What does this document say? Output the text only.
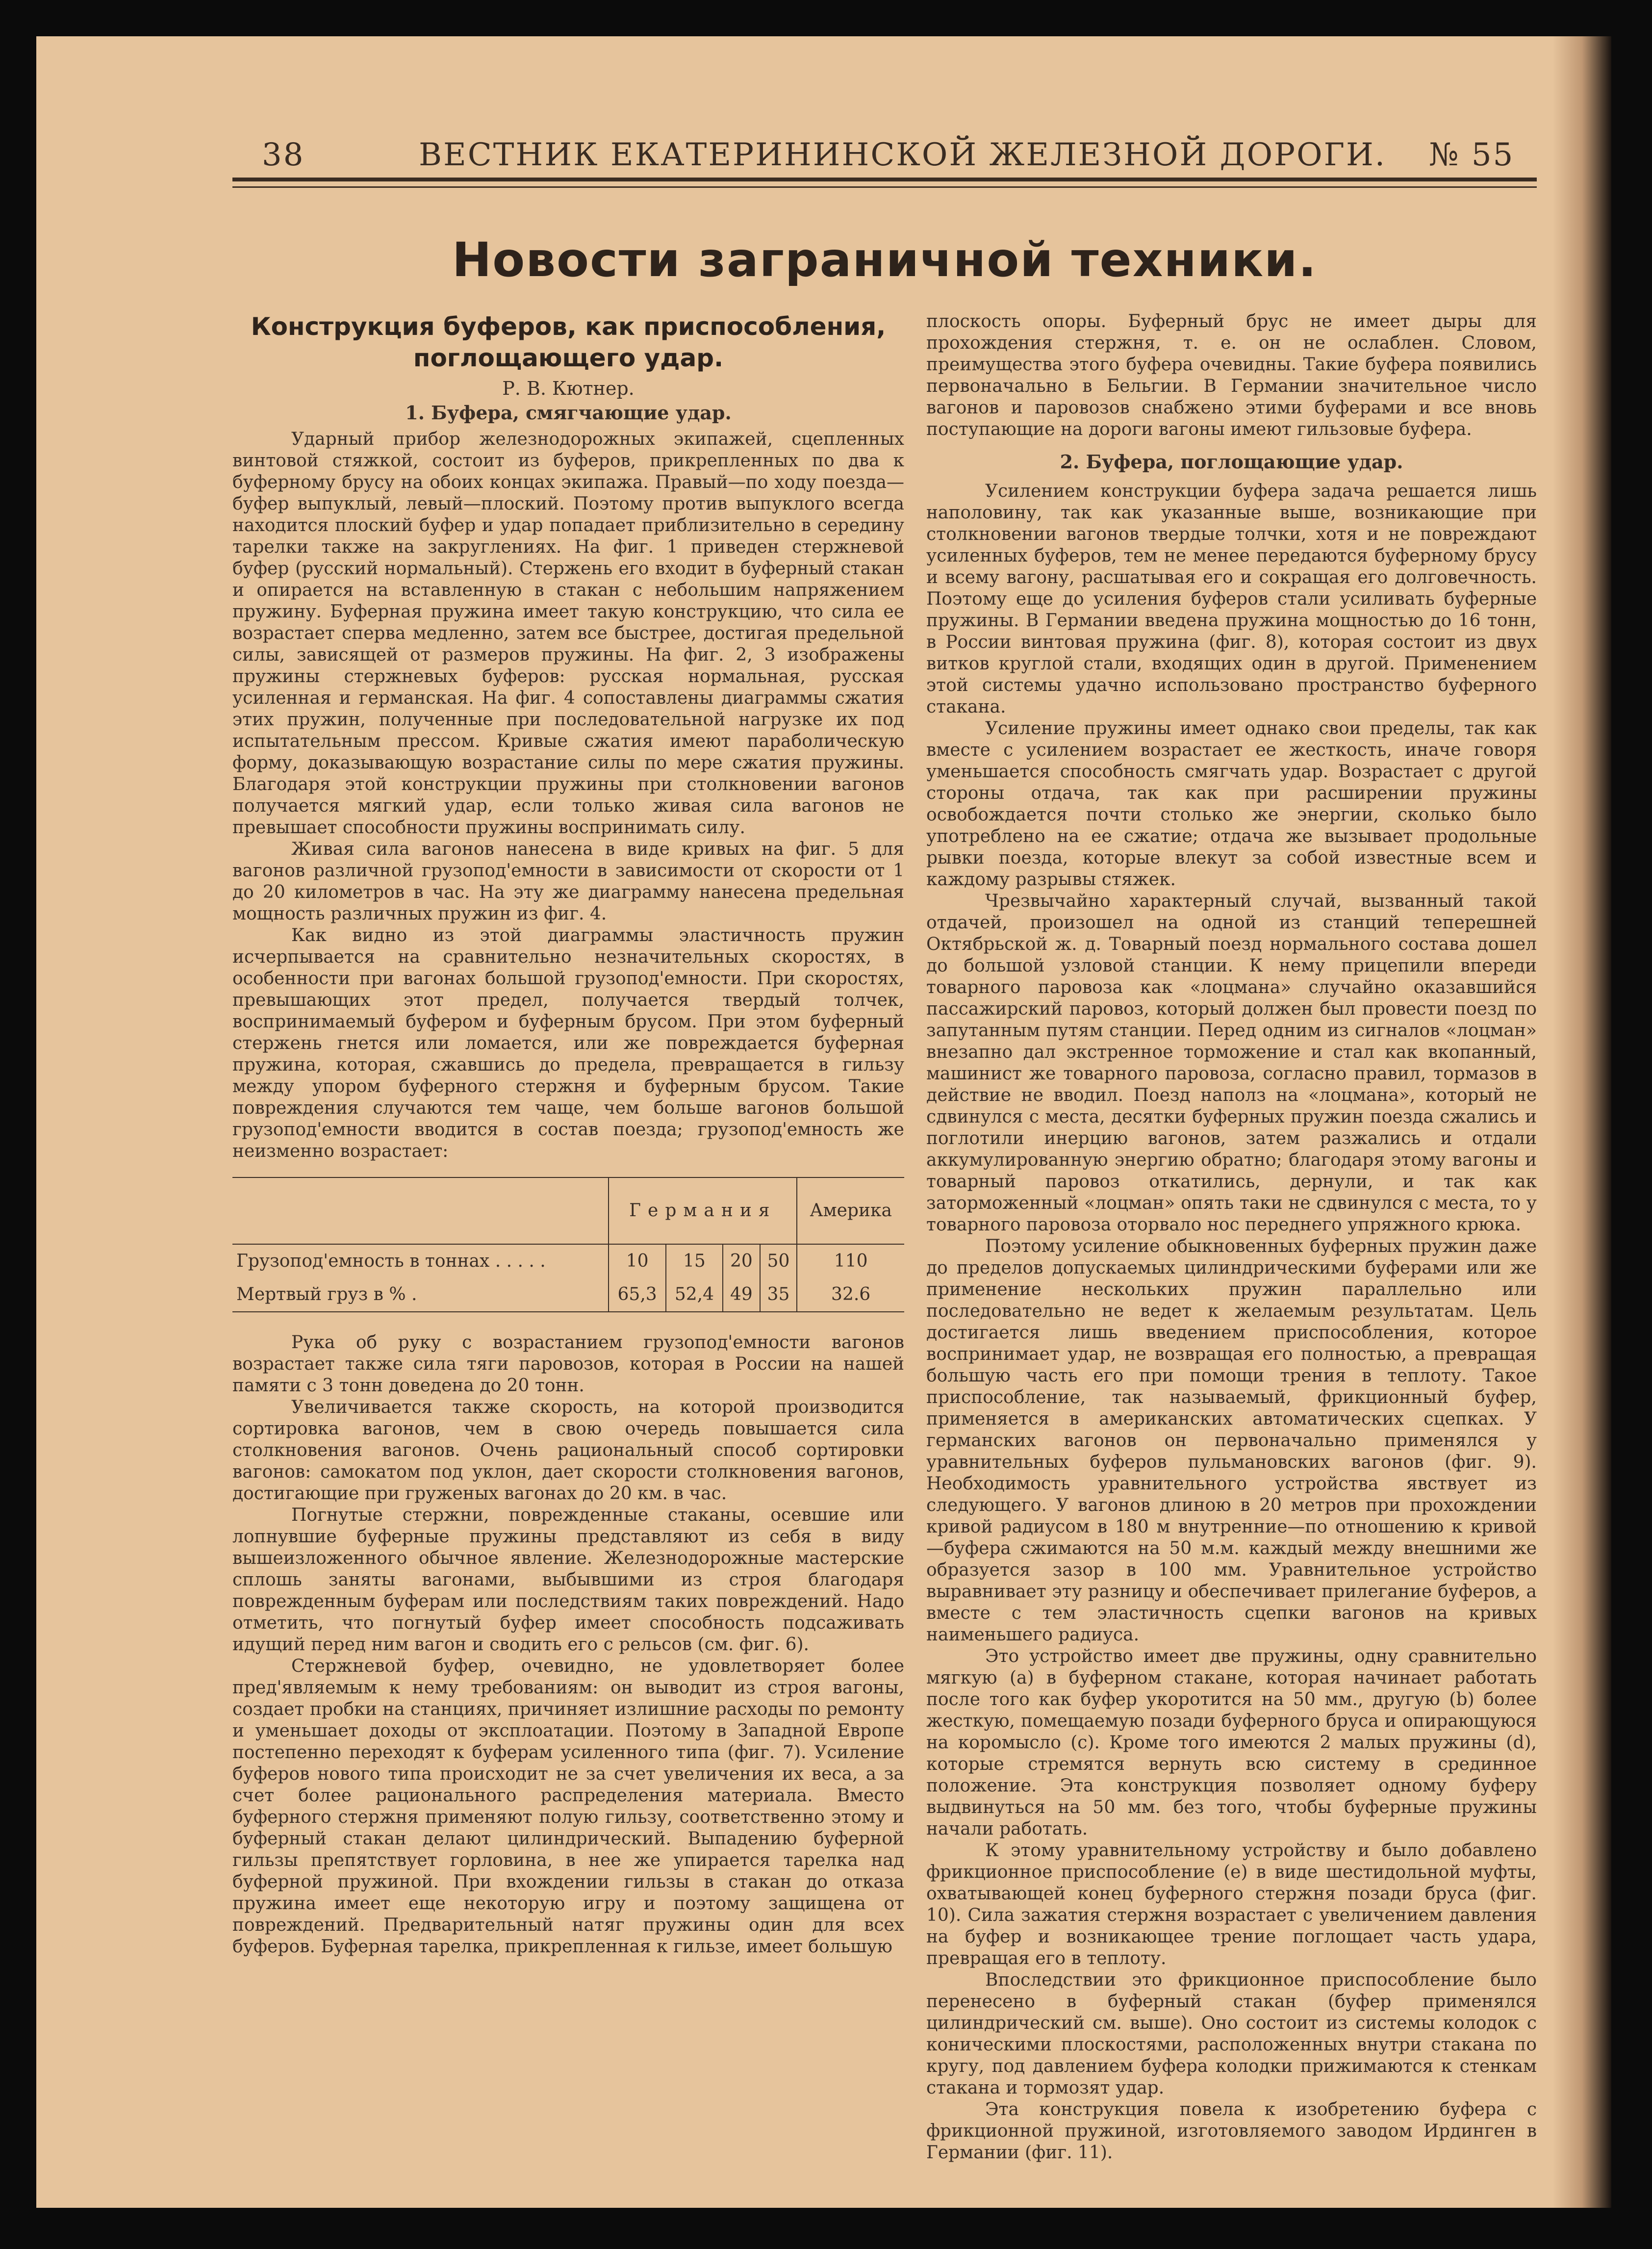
38	ВЕСТНИК ЕКАТЕРИНИНСКОЙ ЖЕЛЕЗНОЙ ДОРОГИ. № 55
Новости заграничной техники.
Конструкция буферов, как приспособления,
поглощающего удар.
Р. В. Кютнер.
1. Буфера, смягчающие удар.

Ударный прибор железнодорожных экипажей, сцепленных винтовой стяжкой, состоит из буферов, прикрепленных по два к буферному брусу на обоих концах экипажа. Правый—по ходу поезда—буфер выпуклый, левый—плоский. Поэтому против выпуклого всегда находится плоский буфер и удар попадает приблизительно в середину тарелки также на закруглениях. На фиг. 1 приведен стержневой буфер (русский нормальный). Стержень его входит в буферный стакан и опирается на вставленную в стакан с небольшим напряжением пружину. Буферная пружина имеет такую конструкцию, что сила ее возрастает сперва медленно, затем все быстрее, достигая предельной силы, зависящей от размеров пружины. На фиг. 2, 3 изображены пружины стержневых буферов: русская нормальная, русская усиленная и германская. На фиг. 4 сопоставлены диаграммы сжатия этих пружин, полученные при последовательной нагрузке их под испытательным прессом. Кривые сжатия имеют параболическую форму, доказывающую возрастание силы по мере сжатия пружины. Благодаря этой конструкции пружины при столкновении вагонов получается мягкий удар, если только живая сила вагонов не превышает способности пружины воспринимать силу.

Живая сила вагонов нанесена в виде кривых на фиг. 5 для вагонов различной грузопод'емности в зависимости от скорости от 1 до 20 километров в час. На эту же диаграмму нанесена предельная мощность различных пружин из фиг. 4.

Как видно из этой диаграммы эластичность пружин исчерпывается на сравнительно незначительных скоростях, в особенности при вагонах большой грузопод'емности. При скоростях, превышающих этот предел, получается твердый толчек, воспринимаемый буфером и буферным брусом. При этом буферный стержень гнется или ломается, или же повреждается буферная пружина, которая, сжавшись до предела, превращается в гильзу между упором буферного стержня и буферным брусом. Такие повреждения случаются тем чаще, чем больше вагонов большой грузопод'емности вводится в состав поезда; грузопод'емность же неизменно возрастает:

	Германия				Америка
Грузопод'емность в тоннах . . . . .	10	15	20	50	110
Мертвый груз в % .	65,3	52,4	49	35	32.6

Рука об руку с возрастанием грузопод'емности вагонов возрастает также сила тяги паровозов, которая в России на нашей памяти с 3 тонн доведена до 20 тонн.

Увеличивается также скорость, на которой производится сортировка вагонов, чем в свою очередь повышается сила столкновения вагонов. Очень рациональный способ сортировки вагонов: самокатом под уклон, дает скорости столкновения вагонов, достигающие при груженых вагонах до 20 км. в час.

Погнутые стержни, поврежденные стаканы, осевшие или лопнувшие буферные пружины представляют из себя в виду вышеизложенного обычное явление. Железнодорожные мастерские сплошь заняты вагонами, выбывшими из строя благодаря поврежденным буферам или последствиям таких повреждений. Надо отметить, что погнутый буфер имеет способность подсаживать идущий перед ним вагон и сводить его с рельсов (см. фиг. 6).

Стержневой буфер, очевидно, не удовлетворяет более пред'являемым к нему требованиям: он выводит из строя вагоны, создает пробки на станциях, причиняет излишние расходы по ремонту и уменьшает доходы от эксплоатации. Поэтому в Западной Европе постепенно переходят к буферам усиленного типа (фиг. 7). Усиление буферов нового типа происходит не за счет увеличения их веса, а за счет более рационального распределения материала. Вместо буферного стержня применяют полую гильзу, соответственно этому и буферный стакан делают цилиндрический. Выпадению буферной гильзы препятствует горловина, в нее же упирается тарелка над буферной пружиной. При вхождении гильзы в стакан до отказа пружина имеет еще некоторую игру и поэтому защищена от повреждений. Предварительный натяг пружины один для всех буферов. Буферная тарелка, прикрепленная к гильзе, имеет большую

плоскость опоры. Буферный брус не имеет дыры для прохождения стержня, т. е. он не ослаблен. Словом, преимущества этого буфера очевидны. Такие буфера появились первоначально в Бельгии. В Германии значительное число вагонов и паровозов снабжено этими буферами и все вновь поступающие на дороги вагоны имеют гильзовые буфера.

2. Буфера, поглощающие удар.

Усилением конструкции буфера задача решается лишь наполовину, так как указанные выше, возникающие при столкновении вагонов твердые толчки, хотя и не повреждают усиленных буферов, тем не менее передаются буферному брусу и всему вагону, расшатывая его и сокращая его долговечность. Поэтому еще до усиления буферов стали усиливать буферные пружины. В Германии введена пружина мощностью до 16 тонн, в России винтовая пружина (фиг. 8), которая состоит из двух витков круглой стали, входящих один в другой. Применением этой системы удачно использовано пространство буферного стакана.

Усиление пружины имеет однако свои пределы, так как вместе с усилением возрастает ее жесткость, иначе говоря уменьшается способность смягчать удар. Возрастает с другой стороны отдача, так как при расширении пружины освобождается почти столько же энергии, сколько было употреблено на ее сжатие; отдача же вызывает продольные рывки поезда, которые влекут за собой известные всем и каждому разрывы стяжек.

Чрезвычайно характерный случай, вызванный такой отдачей, произошел на одной из станций теперешней Октябрьской ж. д. Товарный поезд нормального состава дошел до большой узловой станции. К нему прицепили впереди товарного паровоза как «лоцмана» случайно оказавшийся пассажирский паровоз, который должен был провести поезд по запутанным путям станции. Перед одним из сигналов «лоцман» внезапно дал экстренное торможение и стал как вкопанный, машинист же товарного паровоза, согласно правил, тормазов в действие не вводил. Поезд наполз на «лоцмана», который не сдвинулся с места, десятки буферных пружин поезда сжались и поглотили инерцию вагонов, затем разжались и отдали аккумулированную энергию обратно; благодаря этому вагоны и товарный паровоз откатились, дернули, и так как заторможенный «лоцман» опять таки не сдвинулся с места, то у товарного паровоза оторвало нос переднего упряжного крюка.

Поэтому усиление обыкновенных буферных пружин даже до пределов допускаемых цилиндрическими буферами или же применение нескольких пружин параллельно или последовательно не ведет к желаемым результатам. Цель достигается лишь введением приспособления, которое воспринимает удар, не возвращая его полностью, а превращая большую часть его при помощи трения в теплоту. Такое приспособление, так называемый, фрикционный буфер, применяется в американских автоматических сцепках. У германских вагонов он первоначально применялся у уравнительных буферов пульмановских вагонов (фиг. 9). Необходимость уравнительного устройства явствует из следующего. У вагонов длиною в 20 метров при прохождении кривой радиусом в 180 м внутренние—по отношению к кривой—буфера сжимаются на 50 м.м. каждый между внешними же образуется зазор в 100 мм. Уравнительное устройство выравнивает эту разницу и обеспечивает прилегание буферов, а вместе с тем эластичность сцепки вагонов на кривых наименьшего радиуса.

Это устройство имеет две пружины, одну сравнительно мягкую (a) в буферном стакане, которая начинает работать после того как буфер укоротится на 50 мм., другую (b) более жесткую, помещаемую позади буферного бруса и опирающуюся на коромысло (c). Кроме того имеются 2 малых пружины (d), которые стремятся вернуть всю систему в срединное положение. Эта конструкция позволяет одному буферу выдвинуться на 50 мм. без того, чтобы буферные пружины начали работать.

К этому уравнительному устройству и было добавлено фрикционное приспособление (e) в виде шестидольной муфты, охватывающей конец буферного стержня позади бруса (фиг. 10). Сила зажатия стержня возрастает с увеличением давления на буфер и возникающее трение поглощает часть удара, превращая его в теплоту.

Впоследствии это фрикционное приспособление было перенесено в буферный стакан (буфер применялся цилиндрический см. выше). Оно состоит из системы колодок с коническими плоскостями, расположенных внутри стакана по кругу, под давлением буфера колодки прижимаются к стенкам стакана и тормозят удар.

Эта конструкция повела к изобретению буфера с фрикционной пружиной, изготовляемого заводом Ирдинген в Германии (фиг. 11).
